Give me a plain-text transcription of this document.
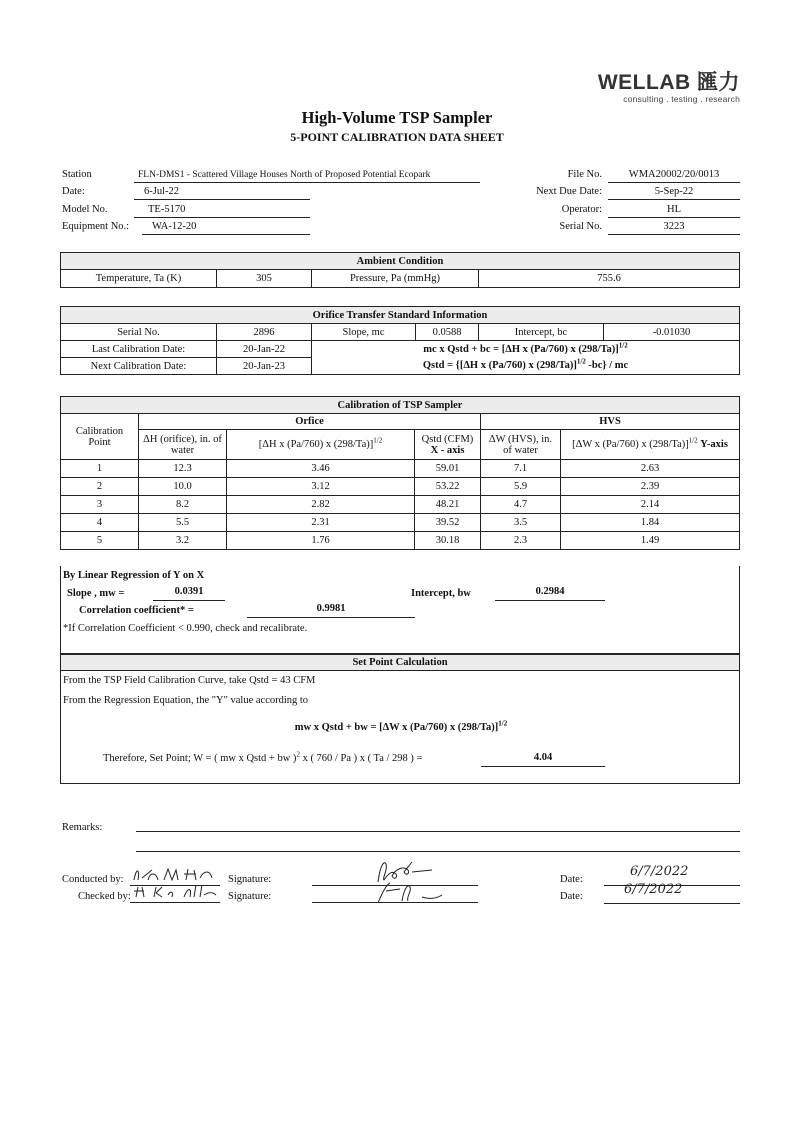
WELLAB 匯力
consulting . testing . research
High-Volume TSP Sampler
5-POINT CALIBRATION DATA SHEET
Station	FLN-DMS1 - Scattered Village Houses North of Proposed Potential Ecopark
Date:	6-Jul-22
Model No.	TE-5170
Equipment No.:	WA-12-20
File No.	WMA20002/20/0013
Next Due Date:	5-Sep-22
Operator:	HL
Serial No.	3223
Ambient Condition
Temperature, Ta (K)	305	Pressure, Pa (mmHg)	755.6
Orifice Transfer Standard Information					
Serial No.	2896	Slope, mc	0.0588	Intercept, bc	-0.01030
Last Calibration Date:	20-Jan-22	mc x Qstd + bc = [ΔH x (Pa/760) x (298/Ta)]$^{1/2}$
Next Calibration Date:	20-Jan-23	Qstd = {[ΔH x (Pa/760) x (298/Ta)]$^{1/2}$ -bc} / mc			
Calibration of TSP Sampler					
Calibration Point	Orfice			HVS	
	ΔH (orifice), in. of water	[ΔH x (Pa/760) x (298/Ta)]$^{1/2}$	Qstd (CFM)
X - axis	ΔW (HVS), in. of water	[ΔW x (Pa/760) x (298/Ta)]$^{1/2}$ Y-axis
1	12.3	3.46	59.01	7.1	2.63
2	10.0	3.12	53.22	5.9	2.39
3	8.2	2.82	48.21	4.7	2.14
4	5.5	2.31	39.52	3.5	1.84
5	3.2	1.76	30.18	2.3	1.49
By Linear Regression of Y on X
Slope , mw =	0.0391	Intercept, bw	0.2984
Correlation coefficient* =	0.9981
*If Correlation Coefficient < 0.990, check and recalibrate.
Set Point Calculation
From the TSP Field Calibration Curve, take Qstd = 43 CFM
From the Regression Equation, the "Y" value according to
mw x Qstd + bw = [ΔW x (Pa/760) x (298/Ta)]$^{1/2}$
Therefore, Set Point; W = ( mw x Qstd + bw )$^2$ x ( 760 / Pa ) x ( Ta / 298 ) =	4.04
Remarks:
Conducted by:	Signature:
Checked by:	Signature:
Date:
6/7/2022
Date:	6/7/2022
